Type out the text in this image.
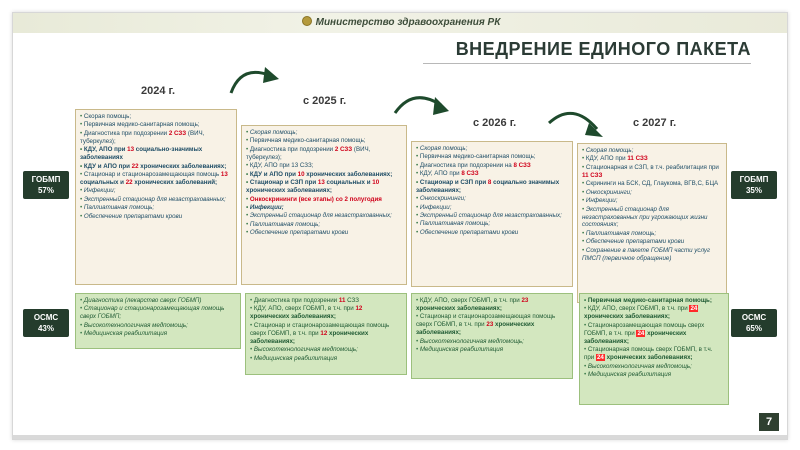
Министерство здравоохранения РК
ВНЕДРЕНИЕ ЕДИНОГО ПАКЕТА
2024 г.
с 2025 г.
с 2026 г.	с 2027 г.
ГОБМП
57%
ОСМС
43%
ГОБМП
35%
ОСМС
65%
• Скорая помощь;
• Первичная медико-санитарная помощь;
• Диагностика при подозрении 2 СЗЗ (ВИЧ, туберкулез);
• КДУ, АПО при 13 социально-значимых заболеваниях
• КДУ и АПО при 22 хронических заболеваниях;
• Стационар и стационарозамещающая помощь 13 социальных и 22 хронических заболеваний;
• Инфекции;
• Экстренный стационар для незастрахованных;
• Паллиативная помощь;
• Обеспечение препаратами крови
• Скорая помощь;
• Первичная медико-санитарная помощь;
• Диагностика при подозрении 2 СЗЗ (ВИЧ, туберкулез);
• КДУ, АПО при 13 СЗЗ;
• КДУ и АПО при 10 хронических заболеваниях;
• Стационар и СЗП при 13 социальных и 10 хронических заболеваниях;
• Онкоскрининги (все этапы) со 2 полугодия
• Инфекции;
• Экстренный стационар для незастрахованных;
• Паллиативная помощь;
• Обеспечение препаратами крови
• Скорая помощь;
• Первичная медико-санитарная помощь;
• Диагностика при подозрении на 8 СЗЗ
• КДУ, АПО при 8 СЗЗ
• Стационар и СЗП при 8 социально значимых заболеваниях;
• Онкоскрининги;
• Инфекции;
• Экстренный стационар для незастрахованных;
• Паллиативная помощь;
• Обеспечение препаратами крови
• Скорая помощь;
• КДУ, АПО при 11 СЗЗ
• Стационарная и СЗП, в т.ч. реабилитация при 11 СЗЗ
• Скрининги на БСК, СД, Глаукома, ВГВ,С, БЦА
• Онкоскрининги;
• Инфекции;
• Экстренный стационар для незастрахованных при угрожающих жизни состояниях;
• Паллиативная помощь;
• Обеспечение препаратами крови
• Сохранение в пакете ГОБМП части услуг ПМСП (первичное обращение)
• Диагностика (лекарство сверх ГОБМП)
• Стационар и стационарозамещающая помощь сверх ГОБМП;
• Высокотехнологичная медпомощь;
• Медицинская реабилитация
• Диагностика при подозрении 11 СЗЗ
• КДУ, АПО, сверх ГОБМП, в т.ч. при 12 хронических заболеваниях;
• Стационар и стационарозамещающая помощь сверх ГОБМП, в т.ч. при 12 хронических заболеваниях;
• Высокотехнологичная медпомощь;
• Медицинская реабилитация
• КДУ, АПО, сверх ГОБМП, в т.ч. при 23 хронических заболеваниях;
• Стационар и стационарозамещающая помощь сверх ГОБМП, в т.ч. при 23 хронических заболеваниях;
• Высокотехнологичная медпомощь;
• Медицинская реабилитация
• Первичная медико-санитарная помощь;
• КДУ, АПО, сверх ГОБМП, в т.ч. при 24 хронических заболеваниях;
• Стационарозамещающая помощь сверх ГОБМП, в т.ч. при 24 хронических заболеваниях;
• Стационарная помощь сверх ГОБМП, в т.ч. при 24 хронических заболеваниях;
• Высокотехнологичная медпомощь;
• Медицинская реабилитация
7
